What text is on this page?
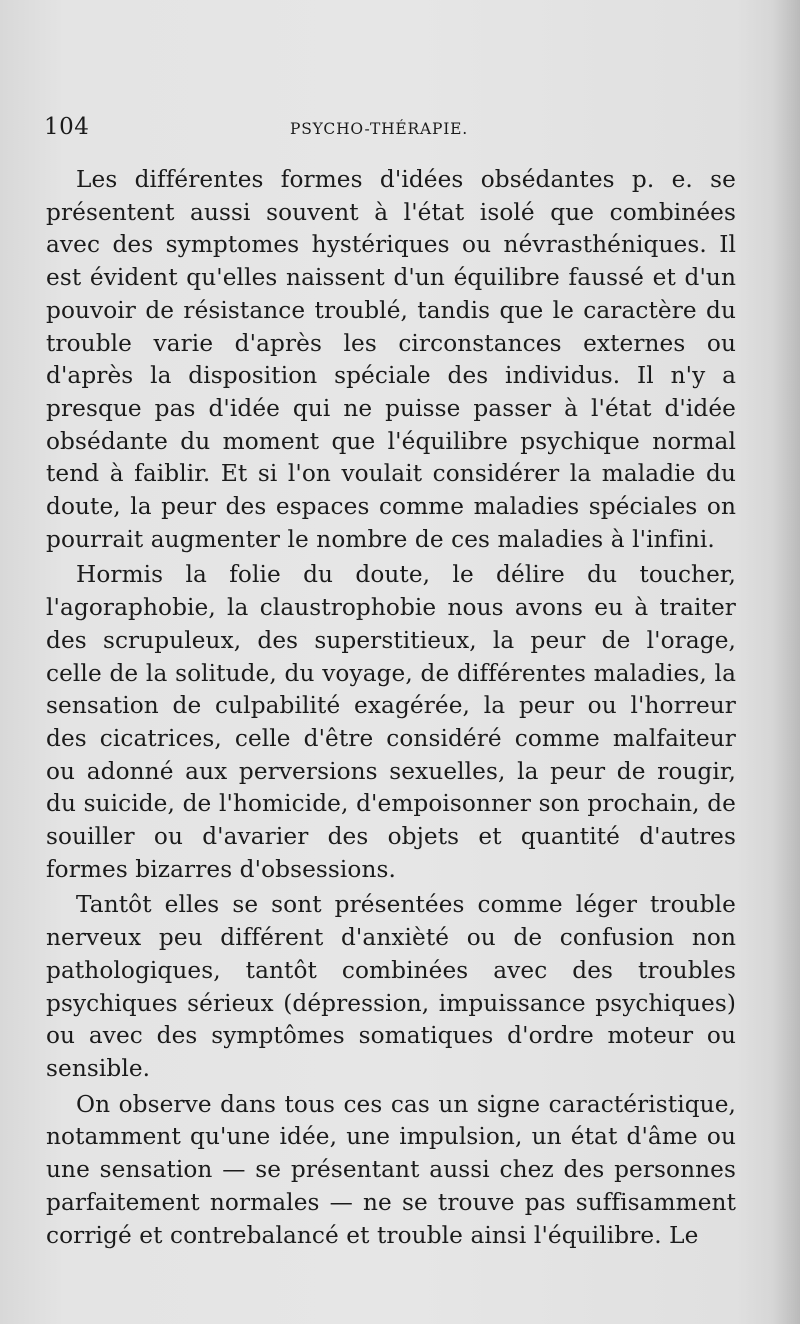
104	PSYCHO-THÉRAPIE.

Les différentes formes d'idées obsédantes p. e. se présentent aussi souvent à l'état isolé que combinées avec des symptomes hystériques ou névrasthéniques. Il est évident qu'elles naissent d'un équilibre faussé et d'un pouvoir de résistance troublé, tandis que le caractère du trouble varie d'après les circonstances externes ou d'après la disposition spéciale des individus. Il n'y a presque pas d'idée qui ne puisse passer à l'état d'idée obsédante du moment que l'équilibre psychique normal tend à faiblir. Et si l'on voulait considérer la maladie du doute, la peur des espaces comme maladies spéciales on pourrait augmenter le nombre de ces maladies à l'infini.

Hormis la folie du doute, le délire du toucher, l'agoraphobie, la claustrophobie nous avons eu à traiter des scrupuleux, des superstitieux, la peur de l'orage, celle de la solitude, du voyage, de différentes maladies, la sensation de culpabilité exagérée, la peur ou l'horreur des cicatrices, celle d'être considéré comme malfaiteur ou adonné aux perversions sexuelles, la peur de rougir, du suicide, de l'homicide, d'empoisonner son prochain, de souiller ou d'avarier des objets et quantité d'autres formes bizarres d'obsessions.

Tantôt elles se sont présentées comme léger trouble nerveux peu différent d'anxièté ou de confusion non pathologiques, tantôt combinées avec des troubles psychiques sérieux (dépression, impuissance psychiques) ou avec des symptômes somatiques d'ordre moteur ou sensible.

On observe dans tous ces cas un signe caractéristique, notamment qu'une idée, une impulsion, un état d'âme ou une sensation — se présentant aussi chez des personnes parfaitement normales — ne se trouve pas suffisamment corrigé et contrebalancé et trouble ainsi l'équilibre. Le
